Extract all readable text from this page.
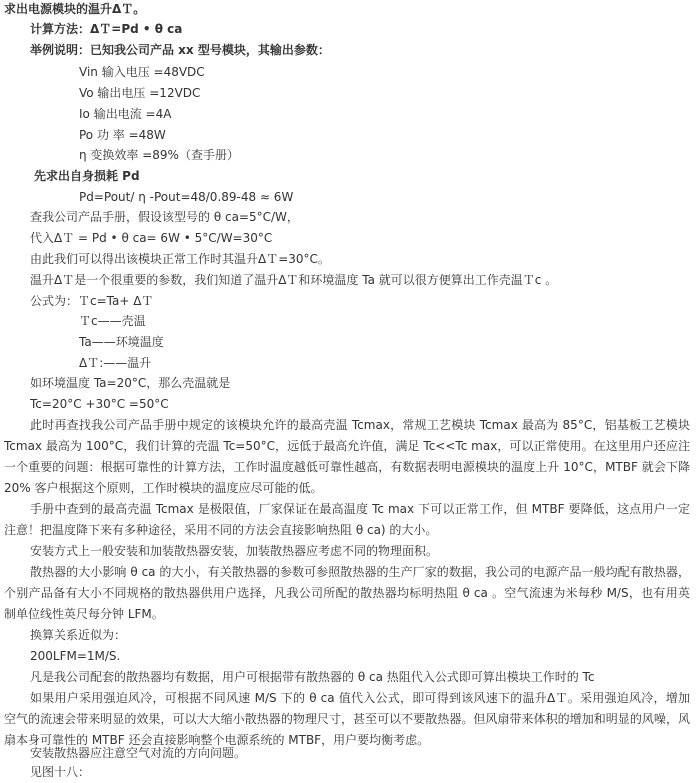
求出电源模块的温升ΔＴ。
计算方法：ΔＴ=Pd • θ ca
举例说明：已知我公司产品 xx 型号模块，其输出参数：
Vin 输入电压 =48VDC
Vo 输出电压 =12VDC
Io 输出电流 =4A
Po 功 率 =48W
η 变换效率 =89%（查手册）
先求出自身损耗 Pd
Pd=Pout/ η -Pout=48/0.89-48 ≈ 6W
查我公司产品手册，假设该型号的 θ ca=5°C/W，
代入ΔＴ = Pd • θ ca= 6W • 5°C/W=30°C
由此我们可以得出该模块正常工作时其温升ΔＴ=30°C。
温升ΔＴ是一个很重要的参数，我们知道了温升ΔＴ和环境温度 Ta 就可以很方便算出工作壳温Ｔc 。
公式为：Ｔc=Ta+ ΔＴ
Ｔc——壳温
Ta——环境温度
ΔＴ:——温升
如环境温度 Ta=20°C，那么壳温就是
Tc=20°C +30°C =50°C
此时再查找我公司产品手册中规定的该模块允许的最高壳温 Tcmax，常规工艺模块 Tcmax 最高为 85°C，铝基板工艺模块
Tcmax 最高为 100°C，我们计算的壳温 Tc=50°C，远低于最高允许值，满足 Tc<<Tc max，可以正常使用。在这里用户还应注
一个重要的问题：根据可靠性的计算方法，工作时温度越低可靠性越高，有数据表明电源模块的温度上升 10°C，MTBF 就会下降
20% 客户根据这个原则，工作时模块的温度应尽可能的低。
手册中查到的最高壳温 Tcmax 是极限值，厂家保证在最高温度 Tc max 下可以正常工作，但 MTBF 要降低，这点用户一定
注意！把温度降下来有多种途径，采用不同的方法会直接影响热阻 θ ca) 的大小。
安装方式上一般安装和加装散热器安装，加装散热器应考虑不同的物理面积。
散热器的大小影响 θ ca 的大小，有关散热器的参数可参照散热器的生产厂家的数据，我公司的电源产品一般均配有散热器，
个别产品备有大小不同规格的散热器供用户选择，凡我公司所配的散热器均标明热阻 θ ca 。空气流速为米每秒 M/S，也有用英
制单位线性英尺每分钟 LFM。
换算关系近似为：
200LFM=1M/S.
凡是我公司配套的散热器均有数据，用户可根据带有散热器的 θ ca 热阻代入公式即可算出模块工作时的 Tc
如果用户采用强迫风冷，可根据不同风速 M/S 下的 θ ca 值代入公式，即可得到该风速下的温升ΔＴ。采用强迫风冷，增加
空气的流速会带来明显的效果，可以大大缩小散热器的物理尺寸，甚至可以不要散热器。但风扇带来体积的增加和明显的风噪，风
扇本身可靠性的 MTBF 还会直接影响整个电源系统的 MTBF，用户要均衡考虑。
安装散热器应注意空气对流的方向问题。
见图十八：
